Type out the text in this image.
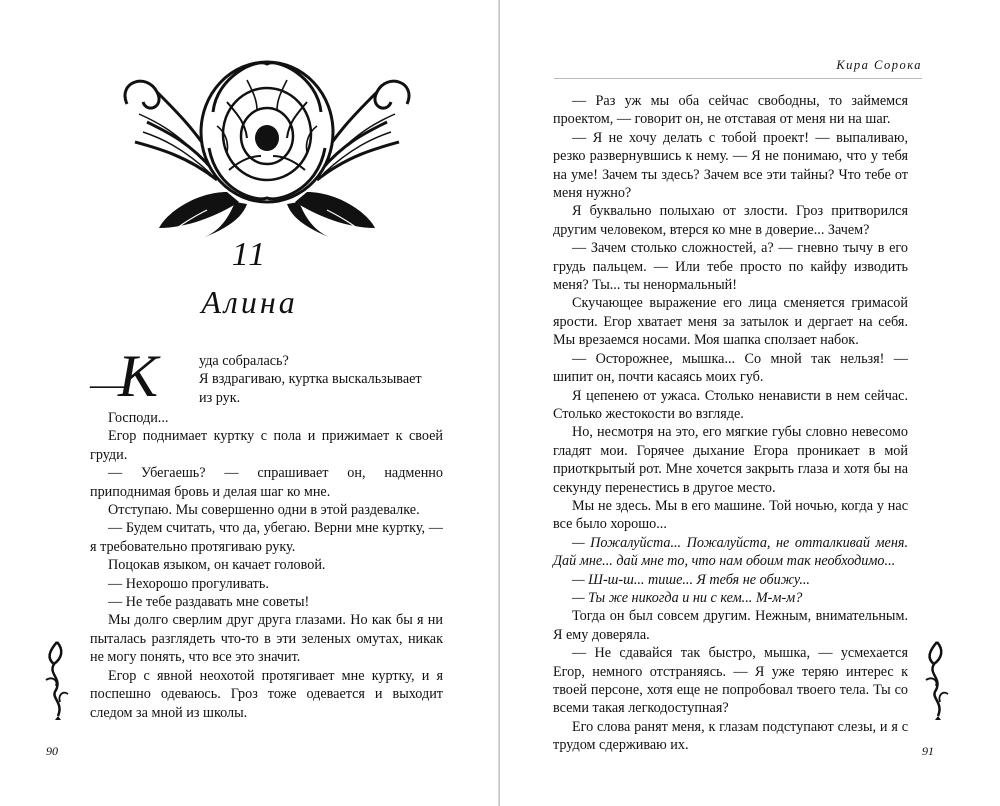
11
Алина
—
К	уда собралась?
Я вздрагиваю, куртка выскальзывает
из рук.

Господи...

Егор поднимает куртку с пола и прижимает к своей груди.

— Убегаешь? — спрашивает он, надменно приподнимая бровь и делая шаг ко мне.

Отступаю. Мы совершенно одни в этой раздевалке.

— Будем считать, что да, убегаю. Верни мне куртку, — я требовательно протягиваю руку.

Поцокав языком, он качает головой.

— Нехорошо прогуливать.

— Не тебе раздавать мне советы!

Мы долго сверлим друг друга глазами. Но как бы я ни пыталась разглядеть что-то в эти зеленых омутах, никак не могу понять, что все это значит.

Егор с явной неохотой протягивает мне куртку, и я поспешно одеваюсь. Гроз тоже одевается и выходит следом за мной из школы.

90
Кира Сорока

— Раз уж мы оба сейчас свободны, то займемся проектом, — говорит он, не отставая от меня ни на шаг.

— Я не хочу делать с тобой проект! — выпаливаю, резко развернувшись к нему. — Я не понимаю, что у тебя на уме! Зачем ты здесь? Зачем все эти тайны? Что тебе от меня нужно?

Я буквально полыхаю от злости. Гроз притворился другим человеком, втерся ко мне в доверие... Зачем?

— Зачем столько сложностей, а? — гневно тычу в его грудь пальцем. — Или тебе просто по кайфу изводить меня? Ты... ты ненормальный!

Скучающее выражение его лица сменяется гримасой ярости. Егор хватает меня за затылок и дергает на себя. Мы врезаемся носами. Моя шапка сползает набок.

— Осторожнее, мышка... Со мной так нельзя! — шипит он, почти касаясь моих губ.

Я цепенею от ужаса. Столько ненависти в нем сейчас. Столько жестокости во взгляде.

Но, несмотря на это, его мягкие губы словно невесомо гладят мои. Горячее дыхание Егора проникает в мой приоткрытый рот. Мне хочется закрыть глаза и хотя бы на секунду перенестись в другое место.

Мы не здесь. Мы в его машине. Той ночью, когда у нас все было хорошо...

— Пожалуйста... Пожалуйста, не отталкивай меня. Дай мне... дай мне то, что нам обоим так необходимо...

— Ш-ш-ш... тише... Я тебя не обижу...

— Ты же никогда и ни с кем... М-м-м?

Тогда он был совсем другим. Нежным, внимательным. Я ему доверяла.

— Не сдавайся так быстро, мышка, — усмехается Егор, немного отстраняясь. — Я уже теряю интерес к твоей персоне, хотя еще не попробовал твоего тела. Ты со всеми такая легкодоступная?

Его слова ранят меня, к глазам подступают слезы, и я с трудом сдерживаю их.	91
